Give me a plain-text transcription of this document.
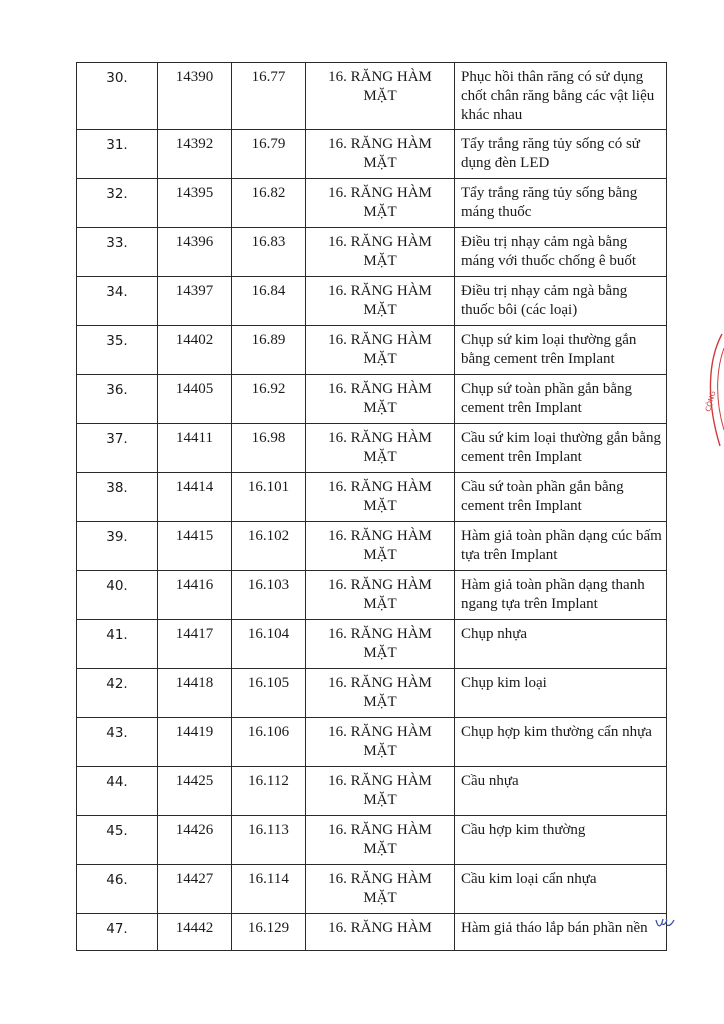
30.	14390	16.77	16. RĂNG HÀM MẶT	Phục hồi thân răng có sử dụng chốt chân răng bằng các vật liệu khác nhau
31.	14392	16.79	16. RĂNG HÀM MẶT	Tẩy trắng răng tủy sống có sử dụng đèn LED
32.	14395	16.82	16. RĂNG HÀM MẶT	Tẩy trắng răng tủy sống bằng máng thuốc
33.	14396	16.83	16. RĂNG HÀM MẶT	Điều trị nhạy cảm ngà bằng máng với thuốc chống ê buốt
34.	14397	16.84	16. RĂNG HÀM MẶT	Điều trị nhạy cảm ngà bằng thuốc bôi (các loại)
35.	14402	16.89	16. RĂNG HÀM MẶT	Chụp sứ kim loại thường gắn bằng cement trên Implant
36.	14405	16.92	16. RĂNG HÀM MẶT	Chụp sứ toàn phần gắn bằng cement trên Implant
37.	14411	16.98	16. RĂNG HÀM MẶT	Cầu sứ kim loại thường gắn bằng cement trên Implant
38.	14414	16.101	16. RĂNG HÀM MẶT	Cầu sứ toàn phần gắn bằng cement trên Implant
39.	14415	16.102	16. RĂNG HÀM MẶT	Hàm giả toàn phần dạng cúc bấm tựa trên Implant
40.	14416	16.103	16. RĂNG HÀM MẶT	Hàm giả toàn phần dạng thanh ngang tựa trên Implant
41.	14417	16.104	16. RĂNG HÀM MẶT	Chụp nhựa
42.	14418	16.105	16. RĂNG HÀM MẶT	Chụp kim loại
43.	14419	16.106	16. RĂNG HÀM MẶT	Chụp hợp kim thường cẩn nhựa
44.	14425	16.112	16. RĂNG HÀM MẶT	Cầu nhựa
45.	14426	16.113	16. RĂNG HÀM MẶT	Cầu hợp kim thường
46.	14427	16.114	16. RĂNG HÀM MẶT	Cầu kim loại cẩn nhựa
47.	14442	16.129	16. RĂNG HÀM	Hàm giả tháo lắp bán phần nền
CỘNG
